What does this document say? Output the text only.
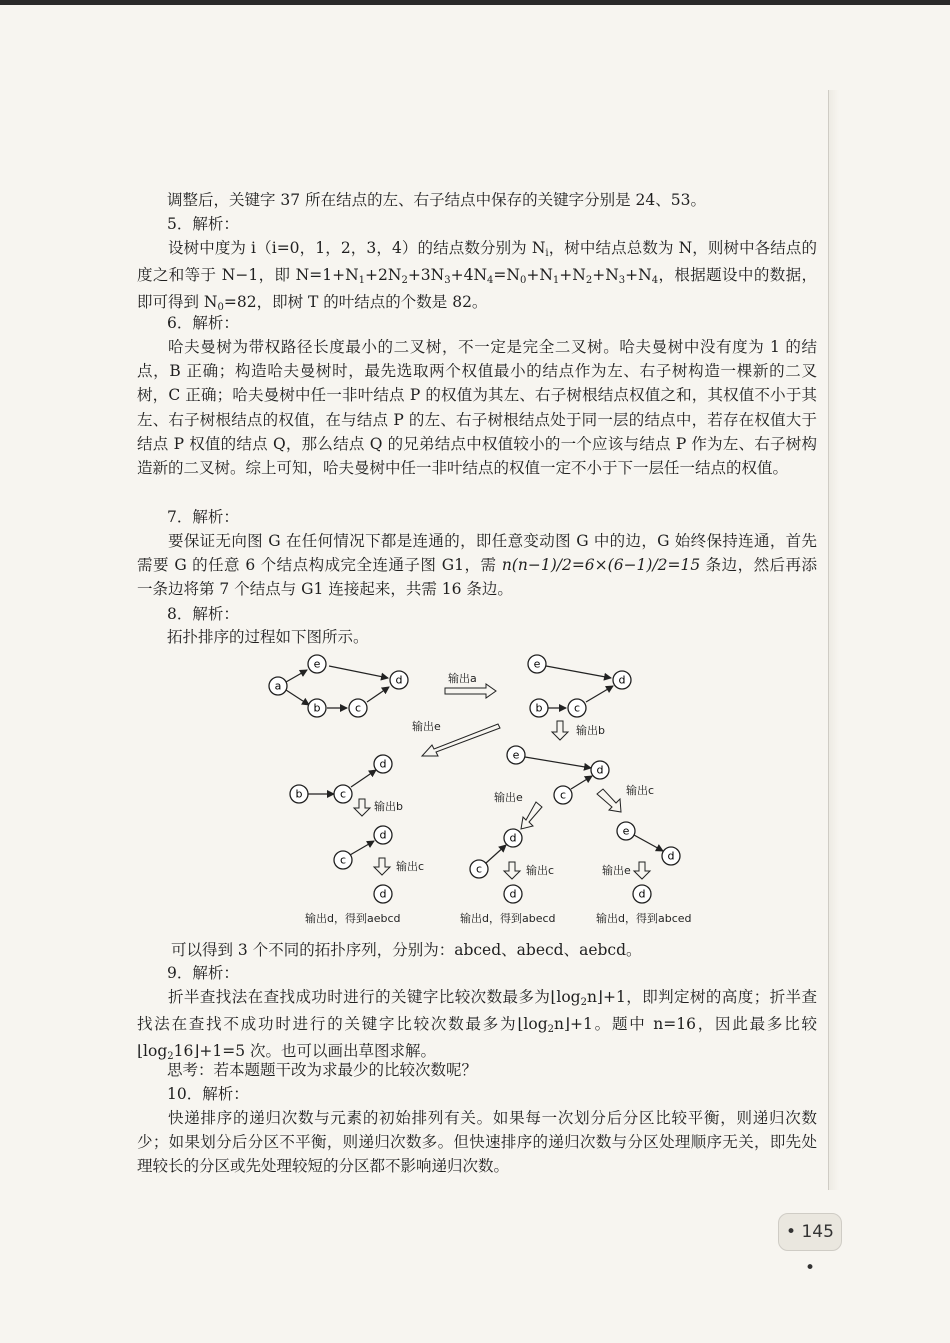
调整后，关键字 37 所在结点的左、右子结点中保存的关键字分别是 24、53。
5．解析：
设树中度为 i（i=0，1，2，3，4）的结点数分别为 Ni，树中结点总数为 N，则树中各结点的度之和等于 N−1，即 N=1+N1+2N2+3N3+4N4=N0+N1+N2+N3+N4，根据题设中的数据，即可得到 N0=82，即树 T 的叶结点的个数是 82。
6．解析：
哈夫曼树为带权路径长度最小的二叉树，不一定是完全二叉树。哈夫曼树中没有度为 1 的结点，B 正确；构造哈夫曼树时，最先选取两个权值最小的结点作为左、右子树构造一棵新的二叉树，C 正确；哈夫曼树中任一非叶结点 P 的权值为其左、右子树根结点权值之和，其权值不小于其左、右子树根结点的权值，在与结点 P 的左、右子树根结点处于同一层的结点中，若存在权值大于结点 P 权值的结点 Q，那么结点 Q 的兄弟结点中权值较小的一个应该与结点 P 作为左、右子树构造新的二叉树。综上可知，哈夫曼树中任一非叶结点的权值一定不小于下一层任一结点的权值。
7．解析：
要保证无向图 G 在任何情况下都是连通的，即任意变动图 G 中的边，G 始终保持连通，首先需要 G 的任意 6 个结点构成完全连通子图 G1，需 n(n−1)/2=6×(6−1)/2=15 条边，然后再添一条边将第 7 个结点与 G1 连接起来，共需 16 条边。
8．解析：
拓扑排序的过程如下图所示。
a
e
b	c
d	输出a
e
b	c
d
输出b
输出e
b	c
d
输出b
c
d
输出c
d
输出d，得到aebcd
e
c
d
输出e
输出c
c
d
输出c
d
输出d，得到abecd
e
d
输出e
d
输出d，得到abced
可以得到 3 个不同的拓扑序列，分别为：abced、abecd、aebcd。
9．解析：
折半查找法在查找成功时进行的关键字比较次数最多为⌊log2n⌋+1，即判定树的高度；折半查找法在查找不成功时进行的关键字比较次数最多为⌊log2n⌋+1。题中 n=16，因此最多比较⌊log216⌋+1=5 次。也可以画出草图求解。
思考：若本题题干改为求最少的比较次数呢？
10．解析：
快递排序的递归次数与元素的初始排列有关。如果每一次划分后分区比较平衡，则递归次数少；如果划分后分区不平衡，则递归次数多。但快速排序的递归次数与分区处理顺序无关，即先处理较长的分区或先处理较短的分区都不影响递归次数。
• 145 •
